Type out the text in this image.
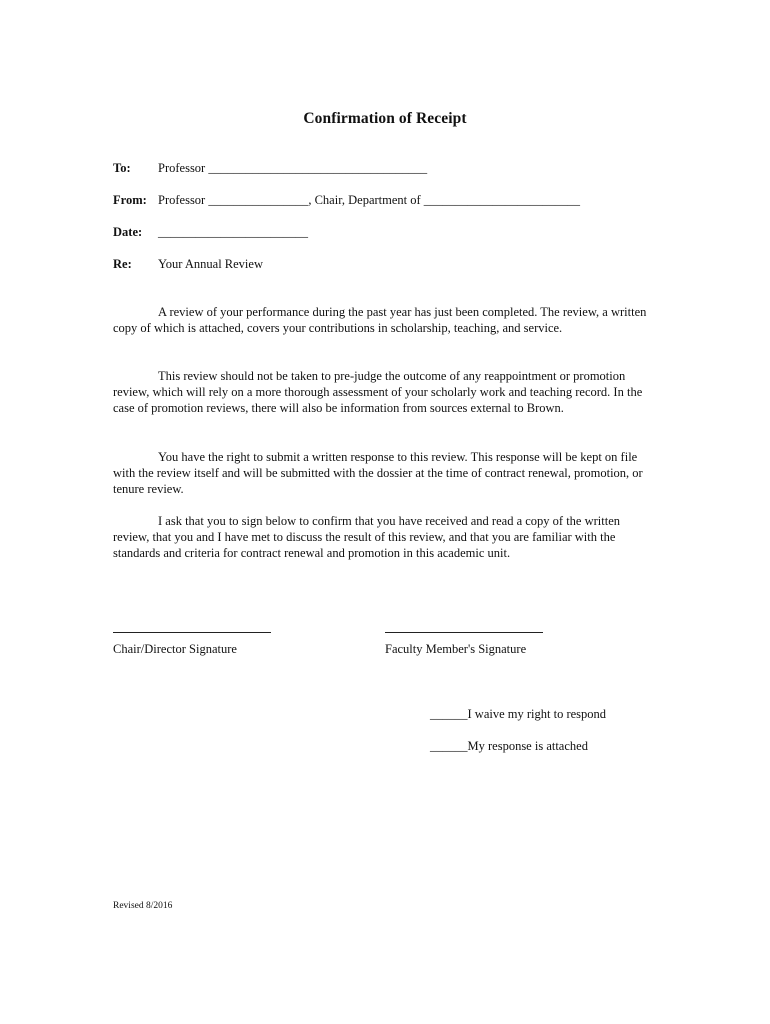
Confirmation of Receipt
To: Professor ___________________________________
From: Professor ________________, Chair, Department of _________________________
Date: ________________________
Re: Your Annual Review

A review of your performance during the past year has just been completed. The review, a written copy of which is attached, covers your contributions in scholarship, teaching, and service.

This review should not be taken to pre-judge the outcome of any reappointment or promotion review, which will rely on a more thorough assessment of your scholarly work and teaching record. In the case of promotion reviews, there will also be information from sources external to Brown.

You have the right to submit a written response to this review. This response will be kept on file with the review itself and will be submitted with the dossier at the time of contract renewal, promotion, or tenure review.

I ask that you to sign below to confirm that you have received and read a copy of the written review, that you and I have met to discuss the result of this review, and that you are familiar with the standards and criteria for contract renewal and promotion in this academic unit.

Chair/Director Signature	Faculty Member's Signature
______I waive my right to respond
______My response is attached
Revised 8/2016
